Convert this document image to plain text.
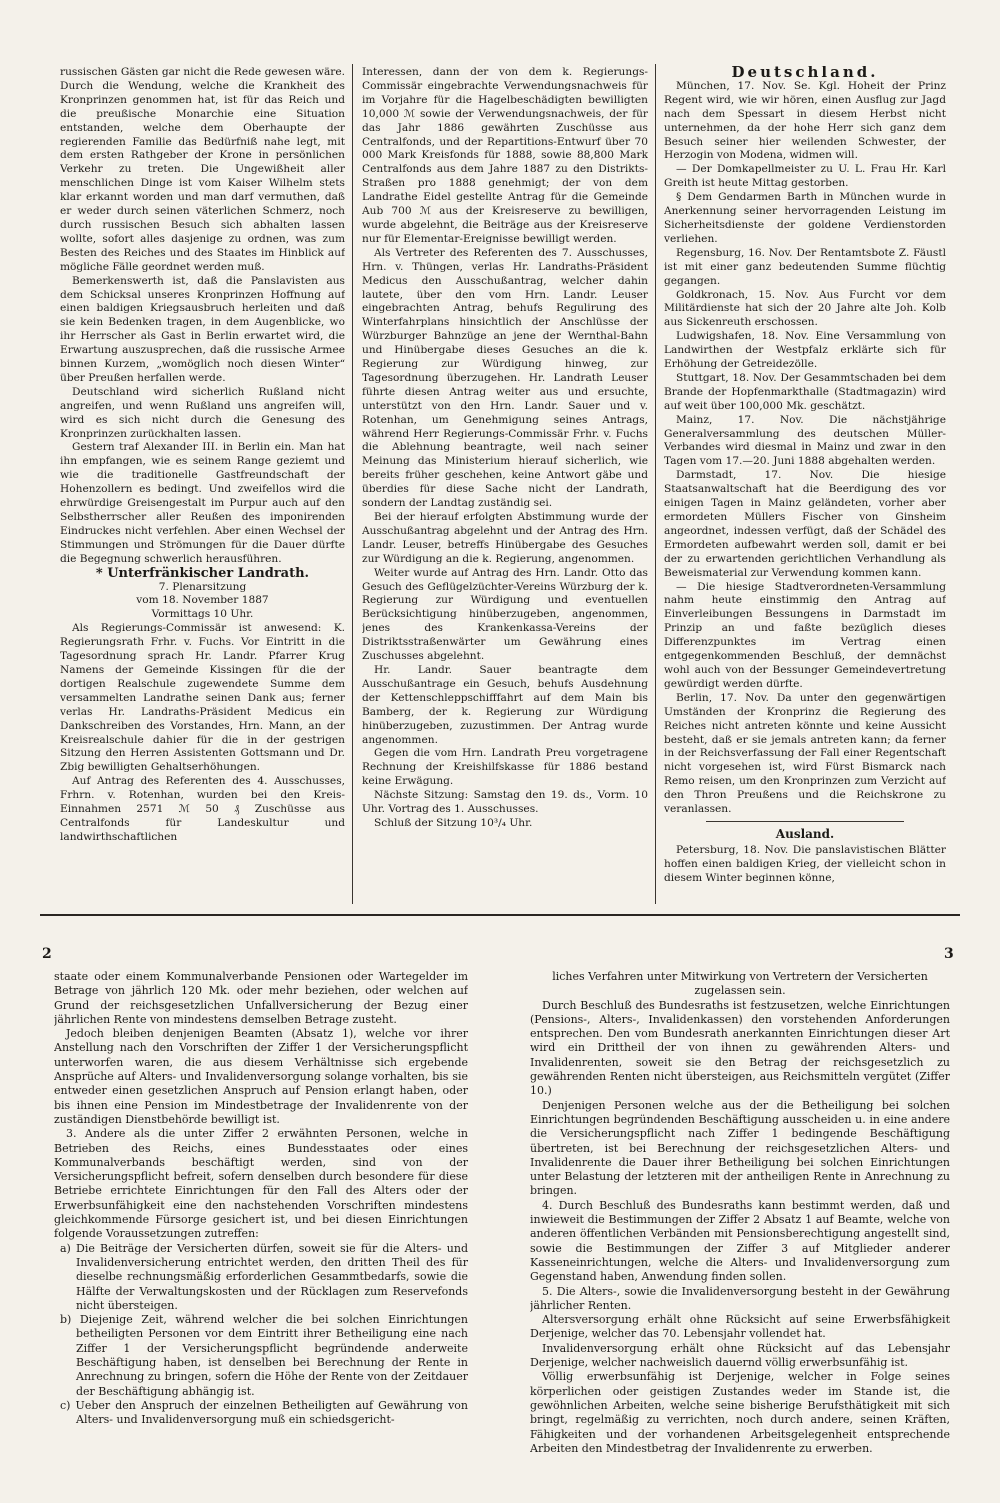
russischen Gästen gar nicht die Rede gewesen wäre. Durch die Wendung, welche die Krankheit des Kronprinzen genommen hat, ist für das Reich und die preußische Monarchie eine Situation entstanden, welche dem Oberhaupte der regierenden Familie das Bedürfniß nahe legt, mit dem ersten Rathgeber der Krone in persönlichen Verkehr zu treten. Die Ungewißheit aller menschlichen Dinge ist vom Kaiser Wilhelm stets klar erkannt worden und man darf vermuthen, daß er weder durch seinen väterlichen Schmerz, noch durch russischen Besuch sich abhalten lassen wollte, sofort alles dasjenige zu ordnen, was zum Besten des Reiches und des Staates im Hinblick auf mögliche Fälle geordnet werden muß.

Bemerkenswerth ist, daß die Panslavisten aus dem Schicksal unseres Kronprinzen Hoffnung auf einen baldigen Kriegsausbruch herleiten und daß sie kein Bedenken tragen, in dem Augenblicke, wo ihr Herrscher als Gast in Berlin erwartet wird, die Erwartung auszusprechen, daß die russische Armee binnen Kurzem, „womöglich noch diesen Winter“ über Preußen herfallen werde.

Deutschland wird sicherlich Rußland nicht angreifen, und wenn Rußland uns angreifen will, wird es sich nicht durch die Genesung des Kronprinzen zurückhalten lassen.

Gestern traf Alexander III. in Berlin ein. Man hat ihn empfangen, wie es seinem Range geziemt und wie die traditionelle Gastfreundschaft der Hohenzollern es bedingt. Und zweifellos wird die ehrwürdige Greisengestalt im Purpur auch auf den Selbstherrscher aller Reußen des imponirenden Eindruckes nicht verfehlen. Aber einen Wechsel der Stimmungen und Strömungen für die Dauer dürfte die Begegnung schwerlich herausführen.

* Unterfränkischer Landrath.

7. Plenarsitzung

vom 18. November 1887

Vormittags 10 Uhr.

Als Regierungs-Commissär ist anwesend: K. Regierungsrath Frhr. v. Fuchs. Vor Eintritt in die Tagesordnung sprach Hr. Landr. Pfarrer Krug Namens der Gemeinde Kissingen für die der dortigen Realschule zugewendete Summe dem versammelten Landrathe seinen Dank aus; ferner verlas Hr. Landraths-Präsident Medicus ein Dankschreiben des Vorstandes, Hrn. Mann, an der Kreisrealschule dahier für die in der gestrigen Sitzung den Herren Assistenten Gottsmann und Dr. Zbig bewilligten Gehaltserhöhungen.

Auf Antrag des Referenten des 4. Ausschusses, Frhrn. v. Rotenhan, wurden bei den Kreis-Einnahmen 2571 ℳ 50 ₰ Zuschüsse aus Centralfonds für Landeskultur und landwirthschaftlichen

Interessen, dann der von dem k. Regierungs-Commissär eingebrachte Verwendungsnachweis für im Vorjahre für die Hagelbeschädigten bewilligten 10,000 ℳ sowie der Verwendungsnachweis, der für das Jahr 1886 gewährten Zuschüsse aus Centralfonds, und der Repartitions-Entwurf über 70 000 Mark Kreisfonds für 1888, sowie 88,800 Mark Centralfonds aus dem Jahre 1887 zu den Distrikts-Straßen pro 1888 genehmigt; der von dem Landrathe Eidel gestellte Antrag für die Gemeinde Aub 700 ℳ aus der Kreisreserve zu bewilligen, wurde abgelehnt, die Beiträge aus der Kreisreserve nur für Elementar-Ereignisse bewilligt werden.

Als Vertreter des Referenten des 7. Ausschusses, Hrn. v. Thüngen, verlas Hr. Landraths-Präsident Medicus den Ausschußantrag, welcher dahin lautete, über den vom Hrn. Landr. Leuser eingebrachten Antrag, behufs Regulirung des Winterfahrplans hinsichtlich der Anschlüsse der Würzburger Bahnzüge an jene der Wernthal-Bahn und Hinübergabe dieses Gesuches an die k. Regierung zur Würdigung hinweg, zur Tagesordnung überzugehen. Hr. Landrath Leuser führte diesen Antrag weiter aus und ersuchte, unterstützt von den Hrn. Landr. Sauer und v. Rotenhan, um Genehmigung seines Antrags, während Herr Regierungs-Commissär Frhr. v. Fuchs die Ablehnung beantragte, weil nach seiner Meinung das Ministerium hierauf sicherlich, wie bereits früher geschehen, keine Antwort gäbe und überdies für diese Sache nicht der Landrath, sondern der Landtag zuständig sei.

Bei der hierauf erfolgten Abstimmung wurde der Ausschußantrag abgelehnt und der Antrag des Hrn. Landr. Leuser, betreffs Hinübergabe des Gesuches zur Würdigung an die k. Regierung, angenommen.

Weiter wurde auf Antrag des Hrn. Landr. Otto das Gesuch des Geflügelzüchter-Vereins Würzburg der k. Regierung zur Würdigung und eventuellen Berücksichtigung hinüberzugeben, angenommen, jenes des Krankenkassa-Vereins der Distriktsstraßenwärter um Gewährung eines Zuschusses abgelehnt.

Hr. Landr. Sauer beantragte dem Ausschußantrage ein Gesuch, behufs Ausdehnung der Kettenschleppschifffahrt auf dem Main bis Bamberg, der k. Regierung zur Würdigung hinüberzugeben, zuzustimmen. Der Antrag wurde angenommen.

Gegen die vom Hrn. Landrath Preu vorgetragene Rechnung der Kreishilfskasse für 1886 bestand keine Erwägung.

Nächste Sitzung: Samstag den 19. ds., Vorm. 10 Uhr. Vortrag des 1. Ausschusses.

Schluß der Sitzung 10³/₄ Uhr.

Deutschland.

München, 17. Nov. Se. Kgl. Hoheit der Prinz Regent wird, wie wir hören, einen Ausflug zur Jagd nach dem Spessart in diesem Herbst nicht unternehmen, da der hohe Herr sich ganz dem Besuch seiner hier weilenden Schwester, der Herzogin von Modena, widmen will.

— Der Domkapellmeister zu U. L. Frau Hr. Karl Greith ist heute Mittag gestorben.

§ Dem Gendarmen Barth in München wurde in Anerkennung seiner hervorragenden Leistung im Sicherheitsdienste der goldene Verdienstorden verliehen.

Regensburg, 16. Nov. Der Rentamtsbote Z. Fäustl ist mit einer ganz bedeutenden Summe flüchtig gegangen.

Goldkronach, 15. Nov. Aus Furcht vor dem Militärdienste hat sich der 20 Jahre alte Joh. Kolb aus Sickenreuth erschossen.

Ludwigshafen, 18. Nov. Eine Versammlung von Landwirthen der Westpfalz erklärte sich für Erhöhung der Getreidezölle.

Stuttgart, 18. Nov. Der Gesammtschaden bei dem Brande der Hopfenmarkthalle (Stadtmagazin) wird auf weit über 100,000 Mk. geschätzt.

Mainz, 17. Nov. Die nächstjährige Generalversammlung des deutschen Müller-Verbandes wird diesmal in Mainz und zwar in den Tagen vom 17.—20. Juni 1888 abgehalten werden.

Darmstadt, 17. Nov. Die hiesige Staatsanwaltschaft hat die Beerdigung des vor einigen Tagen in Mainz geländeten, vorher aber ermordeten Müllers Fischer von Ginsheim angeordnet, indessen verfügt, daß der Schädel des Ermordeten aufbewahrt werden soll, damit er bei der zu erwartenden gerichtlichen Verhandlung als Beweismaterial zur Verwendung kommen kann.

— Die hiesige Stadtverordneten-Versammlung nahm heute einstimmig den Antrag auf Einverleibungen Bessungens in Darmstadt im Prinzip an und faßte bezüglich dieses Differenzpunktes im Vertrag einen entgegenkommenden Beschluß, der demnächst wohl auch von der Bessunger Gemeindevertretung gewürdigt werden dürfte.

Berlin, 17. Nov. Da unter den gegenwärtigen Umständen der Kronprinz die Regierung des Reiches nicht antreten könnte und keine Aussicht besteht, daß er sie jemals antreten kann; da ferner in der Reichsverfassung der Fall einer Regentschaft nicht vorgesehen ist, wird Fürst Bismarck nach Remo reisen, um den Kronprinzen zum Verzicht auf den Thron Preußens und die Reichskrone zu veranlassen.

Ausland.

Petersburg, 18. Nov. Die panslavistischen Blätter hoffen einen baldigen Krieg, der vielleicht schon in diesem Winter beginnen könne,

2	3

staate oder einem Kommunalverbande Pensionen oder Wartegelder im Betrage von jährlich 120 Mk. oder mehr beziehen, oder welchen auf Grund der reichsgesetzlichen Unfallversicherung der Bezug einer jährlichen Rente von mindestens demselben Betrage zusteht.

Jedoch bleiben denjenigen Beamten (Absatz 1), welche vor ihrer Anstellung nach den Vorschriften der Ziffer 1 der Versicherungspflicht unterworfen waren, die aus diesem Verhältnisse sich ergebende Ansprüche auf Alters- und Invalidenversorgung solange vorhalten, bis sie entweder einen gesetzlichen Anspruch auf Pension erlangt haben, oder bis ihnen eine Pension im Mindestbetrage der Invalidenrente von der zuständigen Dienstbehörde bewilligt ist.

3. Andere als die unter Ziffer 2 erwähnten Personen, welche in Betrieben des Reichs, eines Bundesstaates oder eines Kommunalverbands beschäftigt werden, sind von der Versicherungspflicht befreit, sofern denselben durch besondere für diese Betriebe errichtete Einrichtungen für den Fall des Alters oder der Erwerbsunfähigkeit eine den nachstehenden Vorschriften mindestens gleichkommende Fürsorge gesichert ist, und bei diesen Einrichtungen folgende Voraussetzungen zutreffen:

a) Die Beiträge der Versicherten dürfen, soweit sie für die Alters- und Invalidenversicherung entrichtet werden, den dritten Theil des für dieselbe rechnungsmäßig erforderlichen Gesammtbedarfs, sowie die Hälfte der Verwaltungskosten und der Rücklagen zum Reservefonds nicht übersteigen.

b) Diejenige Zeit, während welcher die bei solchen Einrichtungen betheiligten Personen vor dem Eintritt ihrer Betheiligung eine nach Ziffer 1 der Versicherungspflicht begründende anderweite Beschäftigung haben, ist denselben bei Berechnung der Rente in Anrechnung zu bringen, sofern die Höhe der Rente von der Zeitdauer der Beschäftigung abhängig ist.

c) Ueber den Anspruch der einzelnen Betheiligten auf Gewährung von Alters- und Invalidenversorgung muß ein schiedsgericht-

liches Verfahren unter Mitwirkung von Vertretern der Versicherten zugelassen sein.

Durch Beschluß des Bundesraths ist festzusetzen, welche Einrichtungen (Pensions-, Alters-, Invalidenkassen) den vorstehenden Anforderungen entsprechen. Den vom Bundesrath anerkannten Einrichtungen dieser Art wird ein Drittheil der von ihnen zu gewährenden Alters- und Invalidenrenten, soweit sie den Betrag der reichsgesetzlich zu gewährenden Renten nicht übersteigen, aus Reichsmitteln vergütet (Ziffer 10.)

Denjenigen Personen welche aus der die Betheiligung bei solchen Einrichtungen begründenden Beschäftigung ausscheiden u. in eine andere die Versicherungspflicht nach Ziffer 1 bedingende Beschäftigung übertreten, ist bei Berechnung der reichsgesetzlichen Alters- und Invalidenrente die Dauer ihrer Betheiligung bei solchen Einrichtungen unter Belastung der letzteren mit der antheiligen Rente in Anrechnung zu bringen.

4. Durch Beschluß des Bundesraths kann bestimmt werden, daß und inwieweit die Bestimmungen der Ziffer 2 Absatz 1 auf Beamte, welche von anderen öffentlichen Verbänden mit Pensionsberechtigung angestellt sind, sowie die Bestimmungen der Ziffer 3 auf Mitglieder anderer Kasseneinrichtungen, welche die Alters- und Invalidenversorgung zum Gegenstand haben, Anwendung finden sollen.

5. Die Alters-, sowie die Invalidenversorgung besteht in der Gewährung jährlicher Renten.

Altersversorgung erhält ohne Rücksicht auf seine Erwerbsfähigkeit Derjenige, welcher das 70. Lebensjahr vollendet hat.

Invalidenversorgung erhält ohne Rücksicht auf das Lebensjahr Derjenige, welcher nachweislich dauernd völlig erwerbsunfähig ist.

Völlig erwerbsunfähig ist Derjenige, welcher in Folge seines körperlichen oder geistigen Zustandes weder im Stande ist, die gewöhnlichen Arbeiten, welche seine bisherige Berufsthätigkeit mit sich bringt, regelmäßig zu verrichten, noch durch andere, seinen Kräften, Fähigkeiten und der vorhandenen Arbeitsgelegenheit entsprechende Arbeiten den Mindestbetrag der Invalidenrente zu erwerben.
